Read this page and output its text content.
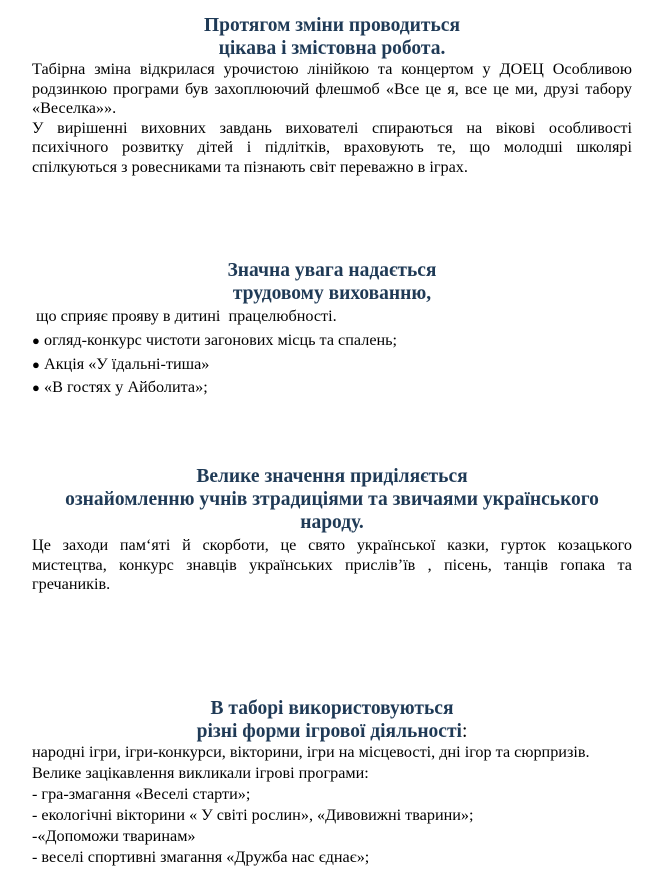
Протягом зміни проводиться
цікава і змістовна робота.

Табірна зміна відкрилася урочистою лінійкою та концертом у ДОЕЦ Особливою родзинкою програми був захоплюючий флешмоб «Все це я, все це ми, друзі табору «Веселка»».

У вирішенні виховних завдань вихователі спираються на вікові особливості психічного розвитку дітей і підлітків, враховують те, що молодші школярі спілкуються з ровесниками та пізнають світ переважно в іграх.

Значна увага надається
трудовому вихованню,

що сприяє прояву в дитині  працелюбності.

● огляд-конкурс чистоти загонових місць та спалень;
● Акція «У їдальні-тиша»
● «В гостях у Айболита»;
Велике значення приділяється
ознайомленню учнів зтрадиціями та звичаями українського
народу.

Це заходи пам‘яті й скорботи, це свято української казки, гурток козацького мистецтва, конкурс знавців українських прислів’їв , пісень, танців гопака та гречаників.

В таборі використовуються
різні форми ігрової діяльності:

народні ігри, ігри-конкурси, вікторини, ігри на місцевості, дні ігор та сюрпризів.

Велике зацікавлення викликали ігрові програми:

- гра-змагання «Веселі старти»;
- екологічні вікторини « У світі рослин», «Дивовижні тварини»;
-«Допоможи тваринам»
- веселі спортивні змагання «Дружба нас єднає»;
